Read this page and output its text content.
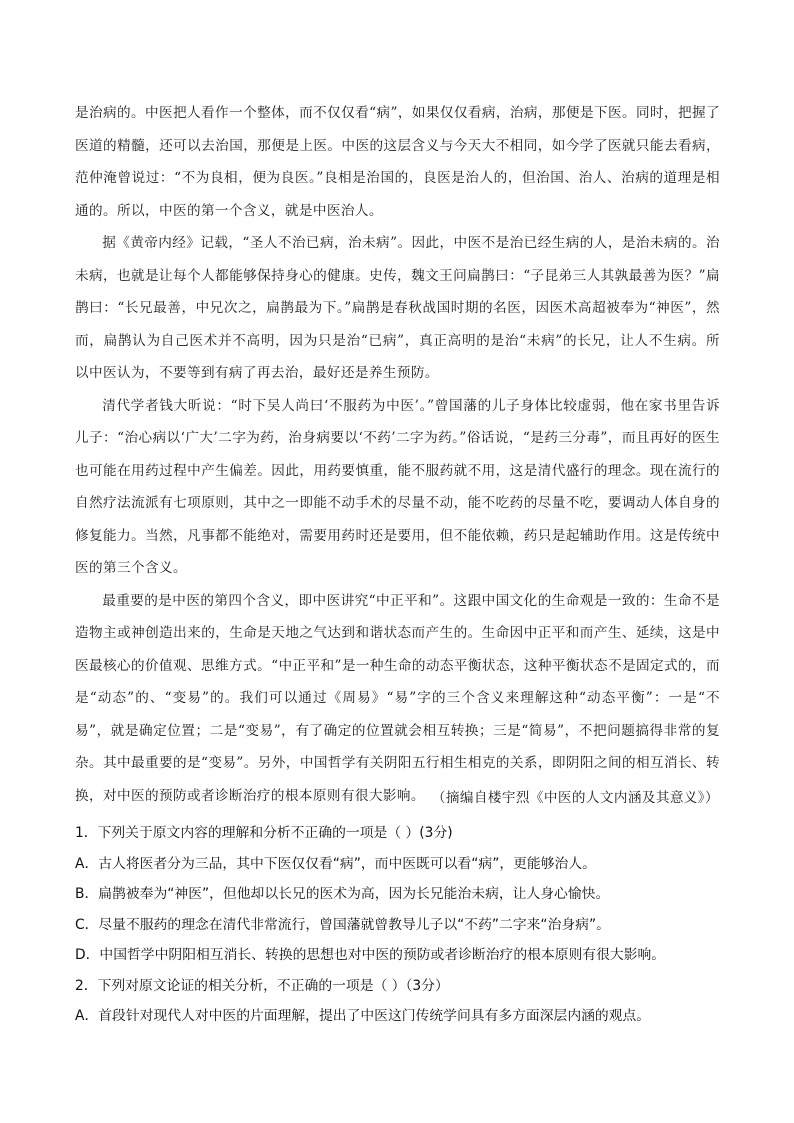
是治病的。中医把人看作一个整体，而不仅仅看“病”，如果仅仅看病，治病，那便是下医。同时，把握了医道的精髓，还可以去治国，那便是上医。中医的这层含义与今天大不相同，如今学了医就只能去看病，范仲淹曾说过：“不为良相，便为良医。”良相是治国的，良医是治人的，但治国、治人、治病的道理是相通的。所以，中医的第一个含义，就是中医治人。

据《黄帝内经》记载，“圣人不治已病，治未病”。因此，中医不是治已经生病的人，是治未病的。治未病，也就是让每个人都能够保持身心的健康。史传，魏文王问扁鹊曰：“子昆弟三人其孰最善为医？”扁鹊曰：“长兄最善，中兄次之，扁鹊最为下。”扁鹊是春秋战国时期的名医，因医术高超被奉为“神医”，然而，扁鹊认为自己医术并不高明，因为只是治“已病”，真正高明的是治“未病”的长兄，让人不生病。所以中医认为，不要等到有病了再去治，最好还是养生预防。

清代学者钱大昕说：“时下吴人尚曰‘不服药为中医’。”曾国藩的儿子身体比较虚弱，他在家书里告诉儿子：“治心病以‘广大’二字为药，治身病要以‘不药’二字为药。”俗话说，“是药三分毒”，而且再好的医生也可能在用药过程中产生偏差。因此，用药要慎重，能不服药就不用，这是清代盛行的理念。现在流行的自然疗法流派有七项原则，其中之一即能不动手术的尽量不动，能不吃药的尽量不吃，要调动人体自身的修复能力。当然，凡事都不能绝对，需要用药时还是要用，但不能依赖，药只是起辅助作用。这是传统中医的第三个含义。

最重要的是中医的第四个含义，即中医讲究“中正平和”。这跟中国文化的生命观是一致的：生命不是造物主或神创造出来的，生命是天地之气达到和谐状态而产生的。生命因中正平和而产生、延续，这是中医最核心的价值观、思维方式。“中正平和”是一种生命的动态平衡状态，这种平衡状态不是固定式的，而是“动态”的、“变易”的。我们可以通过《周易》“易”字的三个含义来理解这种“动态平衡”：一是“不易”，就是确定位置；二是“变易”，有了确定的位置就会相互转换；三是“简易”，不把问题搞得非常的复杂。其中最重要的是“变易”。另外，中国哲学有关阴阳五行相生相克的关系，即阴阳之间的相互消长、转换，对中医的预防或者诊断治疗的根本原则有很大影响。 （摘编自楼宇烈《中医的人文内涵及其意义》）
1．下列关于原文内容的理解和分析不正确的一项是（ ）(3分)
A．古人将医者分为三品，其中下医仅仅看“病”，而中医既可以看“病”，更能够治人。
B．扁鹊被奉为“神医”，但他却以长兄的医术为高，因为长兄能治未病，让人身心愉快。
C．尽量不服药的理念在清代非常流行，曾国藩就曾教导儿子以“不药”二字来“治身病”。
D．中国哲学中阴阳相互消长、转换的思想也对中医的预防或者诊断治疗的根本原则有很大影响。
2．下列对原文论证的相关分析，不正确的一项是（ ）（3分）
A．首段针对现代人对中医的片面理解，提出了中医这门传统学问具有多方面深层内涵的观点。
